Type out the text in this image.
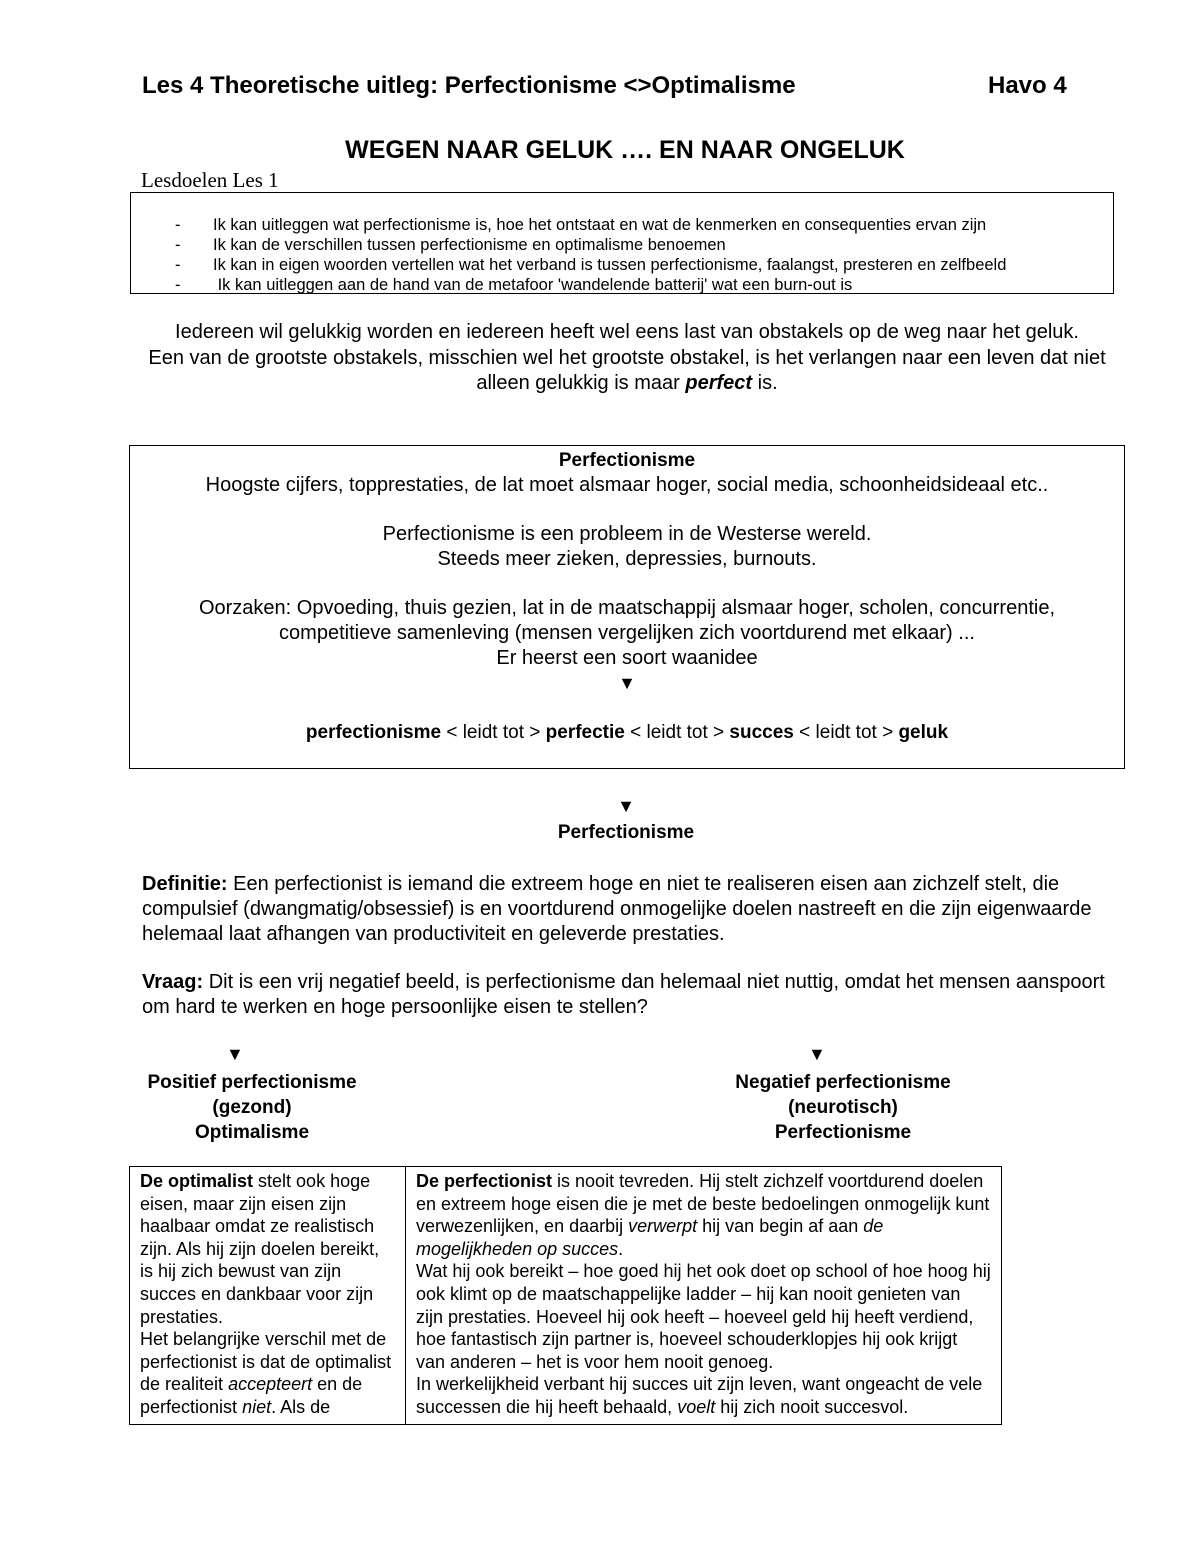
Les 4 Theoretische uitleg: Perfectionisme <>Optimalisme	Havo 4
WEGEN NAAR GELUK …. EN NAAR ONGELUK
Lesdoelen Les 1
- Ik kan uitleggen wat perfectionisme is, hoe het ontstaat en wat de kenmerken en consequenties ervan zijn
- Ik kan de verschillen tussen perfectionisme en optimalisme benoemen
- Ik kan in eigen woorden vertellen wat het verband is tussen perfectionisme, faalangst, presteren en zelfbeeld
-  Ik kan uitleggen aan de hand van de metafoor 'wandelende batterij' wat een burn-out is
Iedereen wil gelukkig worden en iedereen heeft wel eens last van obstakels op de weg naar het geluk.
Een van de grootste obstakels, misschien wel het grootste obstakel, is het verlangen naar een leven dat niet alleen gelukkig is maar perfect is.
Perfectionisme
Hoogste cijfers, topprestaties, de lat moet alsmaar hoger, social media, schoonheidsideaal etc..
Perfectionisme is een probleem in de Westerse wereld.
Steeds meer zieken, depressies, burnouts.
Oorzaken: Opvoeding, thuis gezien, lat in de maatschappij alsmaar hoger, scholen, concurrentie,
competitieve samenleving (mensen vergelijken zich voortdurend met elkaar) ...
Er heerst een soort waanidee
▼
perfectionisme < leidt tot > perfectie < leidt tot > succes < leidt tot > geluk
▼
Perfectionisme
Definitie: Een perfectionist is iemand die extreem hoge en niet te realiseren eisen aan zichzelf stelt, die compulsief (dwangmatig/obsessief) is en voortdurend onmogelijke doelen nastreeft en die zijn eigenwaarde helemaal laat afhangen van productiviteit en geleverde prestaties.
Vraag: Dit is een vrij negatief beeld, is perfectionisme dan helemaal niet nuttig, omdat het mensen aanspoort om hard te werken en hoge persoonlijke eisen te stellen?
▼	▼
Positief perfectionisme
(gezond)
Optimalisme
Negatief perfectionisme
(neurotisch)
Perfectionisme
De optimalist stelt ook hoge eisen, maar zijn eisen zijn haalbaar omdat ze realistisch zijn. Als hij zijn doelen bereikt, is hij zich bewust van zijn succes en dankbaar voor zijn prestaties.
Het belangrijke verschil met de perfectionist is dat de optimalist de realiteit accepteert en de perfectionist niet. Als de

De perfectionist is nooit tevreden. Hij stelt zichzelf voortdurend doelen en extreem hoge eisen die je met de beste bedoelingen onmogelijk kunt verwezenlijken, en daarbij verwerpt hij van begin af aan de mogelijkheden op succes.
Wat hij ook bereikt – hoe goed hij het ook doet op school of hoe hoog hij ook klimt op de maatschappelijke ladder – hij kan nooit genieten van zijn prestaties. Hoeveel hij ook heeft – hoeveel geld hij heeft verdiend, hoe fantastisch zijn partner is, hoeveel schouderklopjes hij ook krijgt van anderen – het is voor hem nooit genoeg.
In werkelijkheid verbant hij succes uit zijn leven, want ongeacht de vele successen die hij heeft behaald, voelt hij zich nooit succesvol.
